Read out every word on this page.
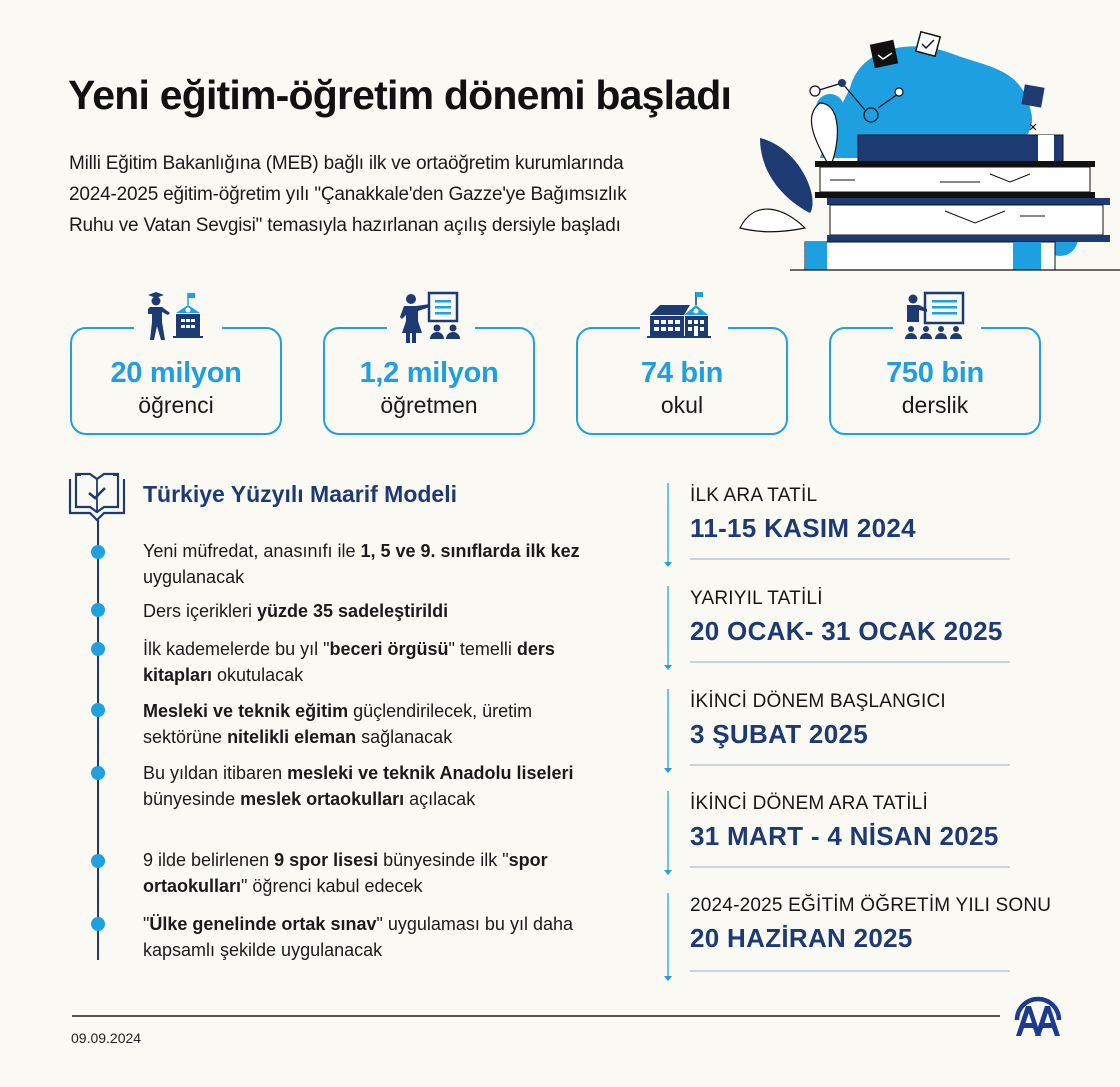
Yeni eğitim-öğretim dönemi başladı

Milli Eğitim Bakanlığına (MEB) bağlı ilk ve ortaöğretim kurumlarında 2024-2025 eğitim-öğretim yılı "Çanakkale'den Gazze'ye Bağımsızlık Ruhu ve Vatan Sevgisi" temasıyla hazırlanan açılış dersiyle başladı

20 milyon
öğrenci
1,2 milyon
öğretmen
74 bin
okul
750 bin
derslik
Türkiye Yüzyılı Maarif Modeli
Yeni müfredat, anasınıfı ile 1, 5 ve 9. sınıflarda ilk kez uygulanacak
Ders içerikleri yüzde 35 sadeleştirildi
İlk kademelerde bu yıl "beceri örgüsü" temelli ders kitapları okutulacak
Mesleki ve teknik eğitim güçlendirilecek, üretim sektörüne nitelikli eleman sağlanacak
Bu yıldan itibaren mesleki ve teknik Anadolu liseleri bünyesinde meslek ortaokulları açılacak
9 ilde belirlenen 9 spor lisesi bünyesinde ilk "spor ortaokulları" öğrenci kabul edecek
"Ülke genelinde ortak sınav" uygulaması bu yıl daha kapsamlı şekilde uygulanacak
İLK ARA TATİL
11-15 KASIM 2024
YARIYIL TATİLİ
20 OCAK- 31 OCAK 2025
İKİNCİ DÖNEM BAŞLANGICI
3 ŞUBAT 2025
İKİNCİ DÖNEM ARA TATİLİ
31 MART - 4 NİSAN 2025
2024-2025 EĞİTİM ÖĞRETİM YILI SONU
20 HAZİRAN 2025
09.09.2024
